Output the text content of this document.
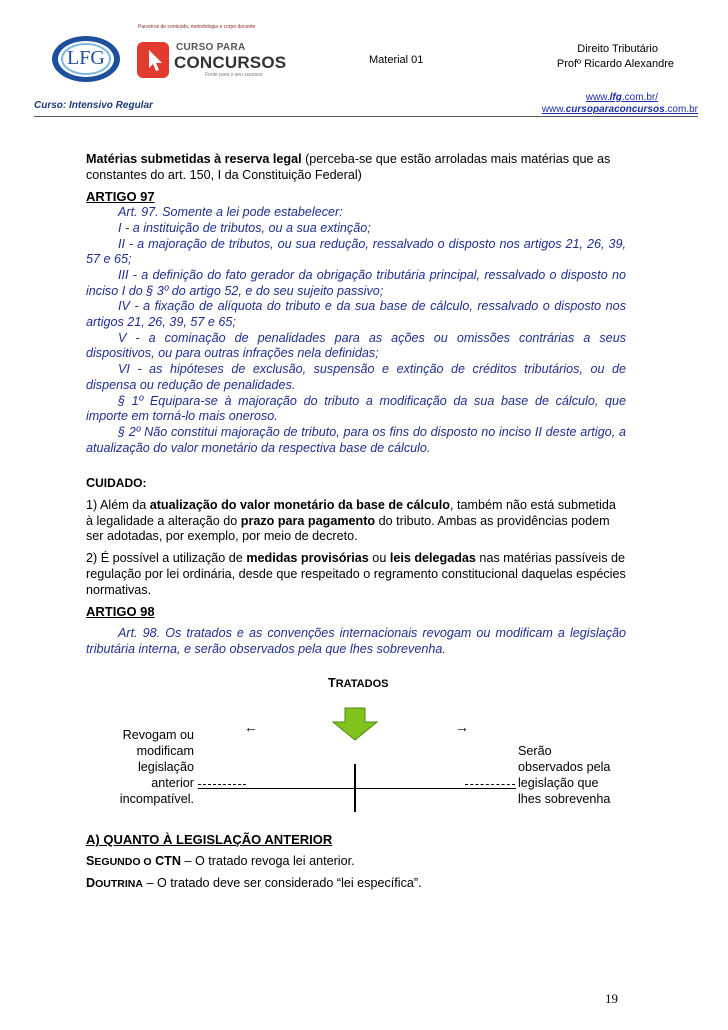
LFG
Parceiros de conteúdo, metodologia e corpo docente
CURSO PARA
CONCURSOS
Fonte para o seu sucesso
Material 01
Direito Tributário
Profº Ricardo Alexandre
Curso: Intensivo Regular
www.lfg.com.br/
www.cursoparaconcursos.com.br

Matérias submetidas à reserva legal (perceba-se que estão arroladas mais matérias que as constantes do art. 150, I da Constituição Federal)

ARTIGO 97

Art. 97. Somente a lei pode estabelecer:

I - a instituição de tributos, ou a sua extinção;

II - a majoração de tributos, ou sua redução, ressalvado o disposto nos artigos 21, 26, 39, 57 e 65;

III - a definição do fato gerador da obrigação tributária principal, ressalvado o disposto no inciso I do § 3º do artigo 52, e do seu sujeito passivo;

IV - a fixação de alíquota do tributo e da sua base de cálculo, ressalvado o disposto nos artigos 21, 26, 39, 57 e 65;

V - a cominação de penalidades para as ações ou omissões contrárias a seus dispositivos, ou para outras infrações nela definidas;

VI - as hipóteses de exclusão, suspensão e extinção de créditos tributários, ou de dispensa ou redução de penalidades.

§ 1º Equipara-se à majoração do tributo a modificação da sua base de cálculo, que importe em torná-lo mais oneroso.

§ 2º Não constitui majoração de tributo, para os fins do disposto no inciso II deste artigo, a atualização do valor monetário da respectiva base de cálculo.

CUIDADO:

1) Além da atualização do valor monetário da base de cálculo, também não está submetida à legalidade a alteração do prazo para pagamento do tributo. Ambas as providências podem ser adotadas, por exemplo, por meio de decreto.

2) É possível a utilização de medidas provisórias ou leis delegadas nas matérias passíveis de regulação por lei ordinária, desde que respeitado o regramento constitucional daquelas espécies normativas.

ARTIGO 98

Art. 98. Os tratados e as convenções internacionais revogam ou modificam a legislação tributária interna, e serão observados pela que lhes sobrevenha.

TRATADOS
←	→
Revogam ou
modificam
legislação
anterior
incompatível.
Serão
observados pela
legislação que
lhes sobrevenha

A) QUANTO À LEGISLAÇÃO ANTERIOR

SEGUNDO O CTN – O tratado revoga lei anterior.

DOUTRINA – O tratado deve ser considerado “lei específica”.

19
